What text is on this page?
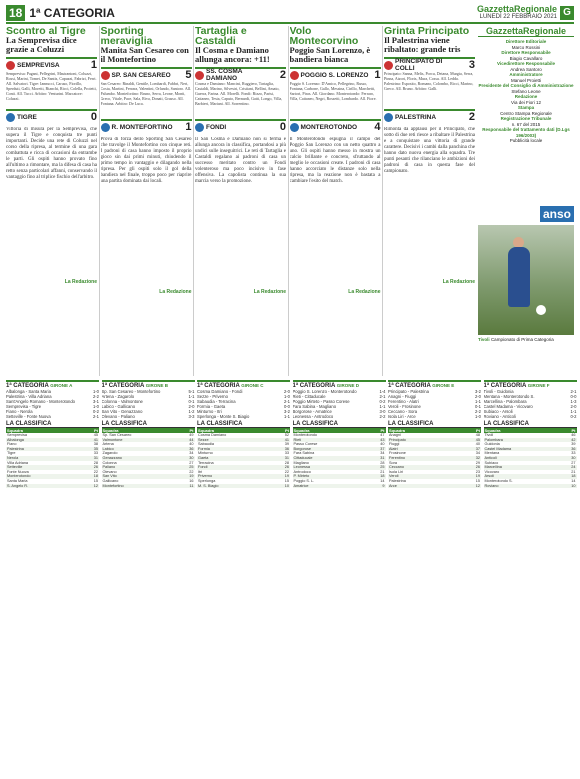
18 1ª CATEGORIA	GazzettaRegionale
LUNEDÌ 22 FEBBRAIO 2021 G
Scontro al Tigre
La Semprevisa dice grazie a Coluzzi
SEMPREVISA	1
Semprevisa: Pagani, Pellegrini, Mastrantoni, Coluzzi, Rossi, Marini, Tomei, De Santis, Capuzzi, Fabrizi, Ferri. All. Salvatori. Tigre: Iannucci, Caruso, Fiorillo, Sperduti, Galli, Moretti, Bianchi, Ricci, Colella, Proietti, Conti. All. Tucci. Arbitro: Venturini. Marcatore: Coluzzi.
TIGRE	0
Vittoria di misura per la Semprevisa, che supera il Tigre e conquista tre punti importanti. Decide una rete di Coluzzi nel corso della ripresa, al termine di una gara combattuta e ricca di occasioni da entrambe le parti. Gli ospiti hanno provato fino all'ultimo a rimontare, ma la difesa di casa ha retto senza particolari affanni, conservando il vantaggio fino al triplice fischio dell'arbitro.
La Redazione
Sporting meraviglia
Manita San Cesareo con il Montefortino
SP. SAN CESAREO	5
San Cesareo: Rinaldi, Gentile, Lombardi, Fabbri, Neri, Costa, Martini, Ferrara, Valentini, Orlando, Santoro. All. Palumbo. Montefortino: Bruno, Serra, Leone, Monti, Greco, Vitale, Pace, Sala, Riva, Donati, Grasso. All. Fontana. Arbitro: De Luca.
R. MONTEFORTINO	1
Prova di forza dello Sporting San Cesareo che travolge il Montefortino con cinque reti. I padroni di casa hanno imposto il proprio gioco sin dai primi minuti, chiudendo il primo tempo in vantaggio e dilagando nella ripresa. Per gli ospiti solo il gol della bandiera nel finale, troppo poco per riaprire una partita dominata dai locali.
La Redazione
Tartaglia e Castaldi
Il Cosma e Damiano allunga ancora: +11!
SS. COSMA DAMIANO	2
Cosma e Damiano: Mancini, Ruggiero, Tartaglia, Castaldi, Marino, Silvestri, Cristiani, Bellini, Amato, Guerra, Farina. All. Morelli. Fondi: Rizzo, Parisi, Cattaneo, Testa, Caputo, Bernardi, Gatti, Longo, Villa, Barbieri, Mariani. All. Sorrentino.
FONDI	0
Il San Cosma e Damiano non si ferma e allunga ancora in classifica, portandosi a più undici sulle inseguitrici. Le reti di Tartaglia e Castaldi regalano ai padroni di casa un successo meritato contro un Fondi volenteroso ma poco incisivo in fase offensiva. La capolista continua la sua marcia verso la promozione.
La Redazione
Volo Montecorvino
Poggio San Lorenzo, è bandiera bianca
POGGIO S. LORENZO 1
Poggio S. Lorenzo: D'Amico, Pellegrino, Russo, Fontana, Carbone, Gallo, Messina, Cirillo, Marchetti, Sartori, Piras. All. Giordano. Monterotondo: Ferraro, Villa, Cattaneo, Negri, Rossetti, Lombardo. All. Fiore.
MONTEROTONDO	4
Il Monterotondo espugna il campo del Poggio San Lorenzo con un netto quattro a uno. Gli ospiti hanno messo in mostra un calcio brillante e concreto, sfruttando al meglio le occasioni create. I padroni di casa hanno accorciato le distanze solo nella ripresa, ma la reazione non è bastata a cambiare l'esito del match.
La Redazione
Grinta Principato
Il Palestrina viene ribaltato: grande tris
PRINCIPATO DI COLLI	3
Principato: Sanna, Melis, Porcu, Deiana, Murgia, Serra, Pinna, Atzori, Floris, Mura, Cossu. All. Ledda. Palestrina: Esposito, Romano, Colombo, Ricci, Marino, Greco. All. Bruno. Arbitro: Galli.
PALESTRINA	2
Rimonta da applausi per il Principato, che sotto di due reti riesce a ribaltare il Palestrina e a conquistare una vittoria di grande carattere. Decisivi i cambi dalla panchina che hanno dato nuova energia alla squadra. Tre punti pesanti che rilanciano le ambizioni dei padroni di casa in questa fase del campionato.
La Redazione
GazzettaRegionale
Direttore Editoriale
Marco Rossini
Direttore Responsabile
Biagio Cavallaro
Vicedirettore Responsabile
Andrea Santoro
Amministratore
Manuel Proietti
Presidente del Consiglio di Amministrazione
Stefano Leone
Redazione
Via dei Fiori 12
Stampa
Centro Stampa Regionale
Registrazione Tribunale
n. 67 del 2015
Responsabile del trattamento dati (D.Lgs 196/2003)
Pubblicità locale
anso
Tivoli Campionato di Prima Categoria
1ª CATEGORIA GIRONE A
Albalonga - Santa Maria	1-0
Palestrina - Villa Adriana	2-2
Sant'Angelo Romano - Monterotondo	3-1
Semprevisa - Tigre	1-0
Fiano - Nerola	0-2
Setteville - Fonte Nuova	2-1
LA CLASSIFICA
Squadra	Pt
Semprevisa	45
Albalonga	41
Fiano	38
Palestrina	35
Tigre	33
Nerola	31
Villa Adriana	28
Setteville	26
Fonte Nuova	22
Monterotondo	18
Santa Maria	15
S. Angelo R.	12
1ª CATEGORIA GIRONE B
Sp. San Cesareo - Montefortino	5-1
Artena - Zagarolo	1-1
Colonna - Valmontone	0-1
Labico - Gallicano	2-0
San Vito - Genazzano	1-2
Olevano - Paliano	3-3
LA CLASSIFICA
Squadra	Pt
Sp. San Cesareo	49
Valmontone	44
Artena	40
Labico	36
Zagarolo	34
Genazzano	30
Colonna	27
Paliano	25
Olevano	22
San Vito	19
Gallicano	16
Montefortino	11
1ª CATEGORIA GIRONE C
Cosma Damiano - Fondi	2-0
Sezze - Priverno	1-0
Sabaudia - Terracina	2-1
Formia - Gaeta	0-0
Minturno - Itri	3-2
Sperlonga - Monte S. Biagio	1-1
LA CLASSIFICA
Squadra	Pt
Cosma Damiano	52
Sezze	41
Sabaudia	39
Formia	36
Minturno	33
Gaeta	31
Terracina	28
Fondi	26
Itri	22
Priverno	19
Sperlonga	15
M. S. Biagio	10
1ª CATEGORIA GIRONE D
Poggio S. Lorenzo - Monterotondo	1-4
Rieti - Cittaducale	2-1
Poggio Mirteto - Passo Corese	0-2
Fara Sabina - Magliano	1-1
Borgorose - Amatrice	3-0
Leonessa - Antrodoco	2-2
LA CLASSIFICA
Squadra	Pt
Monterotondo	47
Rieti	43
Passo Corese	40
Borgorose	37
Fara Sabina	34
Cittaducale	31
Magliano	28
Leonessa	25
Antrodoco	21
P. Mirteto	18
Poggio S. L.	14
Amatrice	9
1ª CATEGORIA GIRONE E
Principato - Palestrina	3-2
Anagni - Fiuggi	2-0
Ferentino - Alatri	1-1
Veroli - Frosinone	0-1
Ceccano - Sora	2-2
Isola Liri - Arce	1-0
LA CLASSIFICA
Squadra	Pt
Anagni	48
Principato	45
Fiuggi	40
Alatri	37
Frosinone	34
Ferentino	32
Sora	29
Ceccano	26
Isola Liri	23
Veroli	19
Palestrina	15
Arce	12
1ª CATEGORIA GIRONE F
Tivoli - Guidonia	2-1
Mentana - Monterotondo S.	0-0
Marcellina - Palombara	1-3
Castel Madama - Vicovaro	2-0
Subiaco - Arsoli	1-1
Roviano - Anticoli	0-2
LA CLASSIFICA
Squadra	Pt
Tivoli	46
Palombara	42
Guidonia	39
Castel Madama	36
Mentana	33
Anticoli	30
Subiaco	27
Marcellina	24
Vicovaro	21
Arsoli	18
Monterotondo S.	14
Roviano	10
